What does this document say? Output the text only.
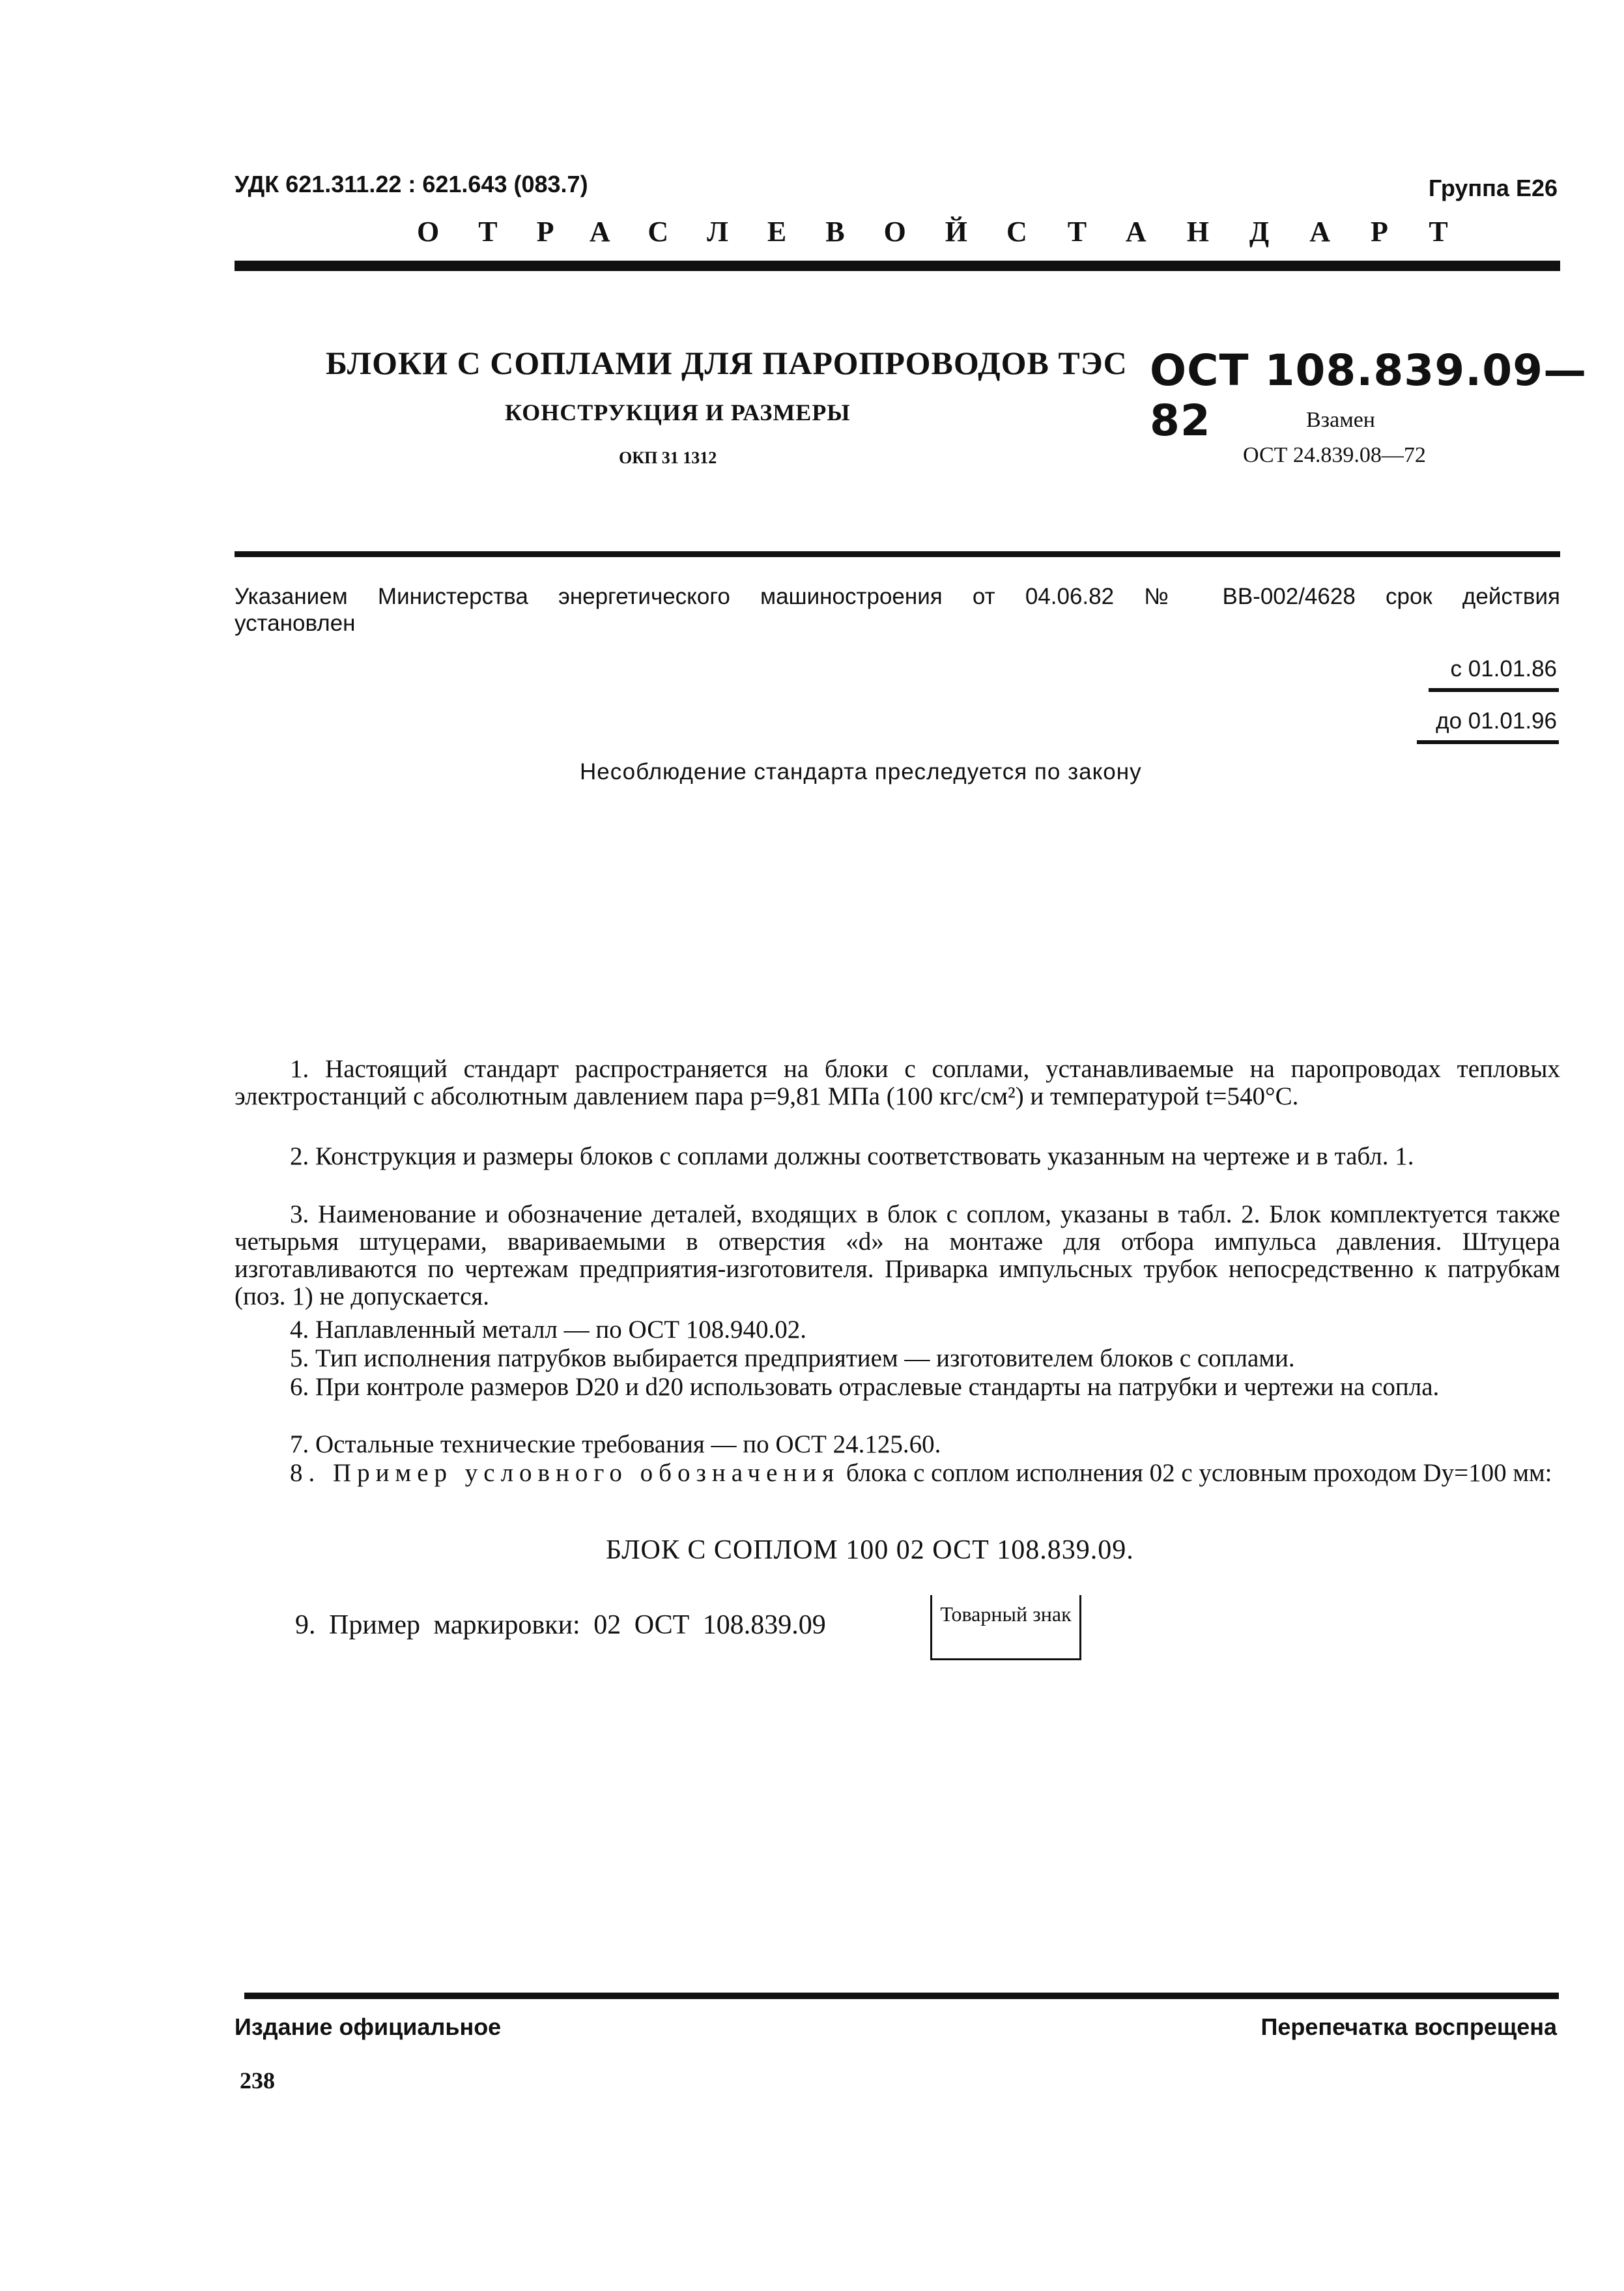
УДК 621.311.22 : 621.643 (083.7)	Группа Е26
ОТРАСЛЕВОЙ СТАНДАРТ
БЛОКИ С СОПЛАМИ ДЛЯ ПАРОПРОВОДОВ ТЭС
КОНСТРУКЦИЯ И РАЗМЕРЫ
ОКП 31 1312
ОСТ 108.839.09—82	Взамен
ОСТ 24.839.08—72
Указанием Министерства энергетического машиностроения от 04.06.82 № ВВ-002/4628 срок действия
установлен
с 01.01.86
до 01.01.96
Несоблюдение стандарта преследуется по закону
1. Настоящий стандарт распространяется на блоки с соплами, устанавливаемые на паропроводах тепловых электростанций с абсолютным давлением пара p=9,81 МПа (100 кгс/см²) и температурой t=540°С.
2. Конструкция и размеры блоков с соплами должны соответствовать указанным на чертеже и в табл. 1.
3. Наименование и обозначение деталей, входящих в блок с соплом, указаны в табл. 2. Блок комплектуется также четырьмя штуцерами, ввариваемыми в отверстия «d» на монтаже для отбора импульса давления. Штуцера изготавливаются по чертежам предприятия-изготовителя. Приварка импульсных трубок непосредственно к патрубкам (поз. 1) не допускается.
4. Наплавленный металл — по ОСТ 108.940.02.
5. Тип исполнения патрубков выбирается предприятием — изготовителем блоков с соплами.
6. При контроле размеров D20 и d20 использовать отраслевые стандарты на патрубки и чертежи на сопла.
7. Остальные технические требования — по ОСТ 24.125.60.
8. Пример условного обозначения блока с соплом исполнения 02 с условным проходом Dу=100 мм:
БЛОК С СОПЛОМ 100 02 ОСТ 108.839.09.
9. Пример маркировки: 02 ОСТ 108.839.09	Товарный знак
Издание официальное	Перепечатка воспрещена
238
